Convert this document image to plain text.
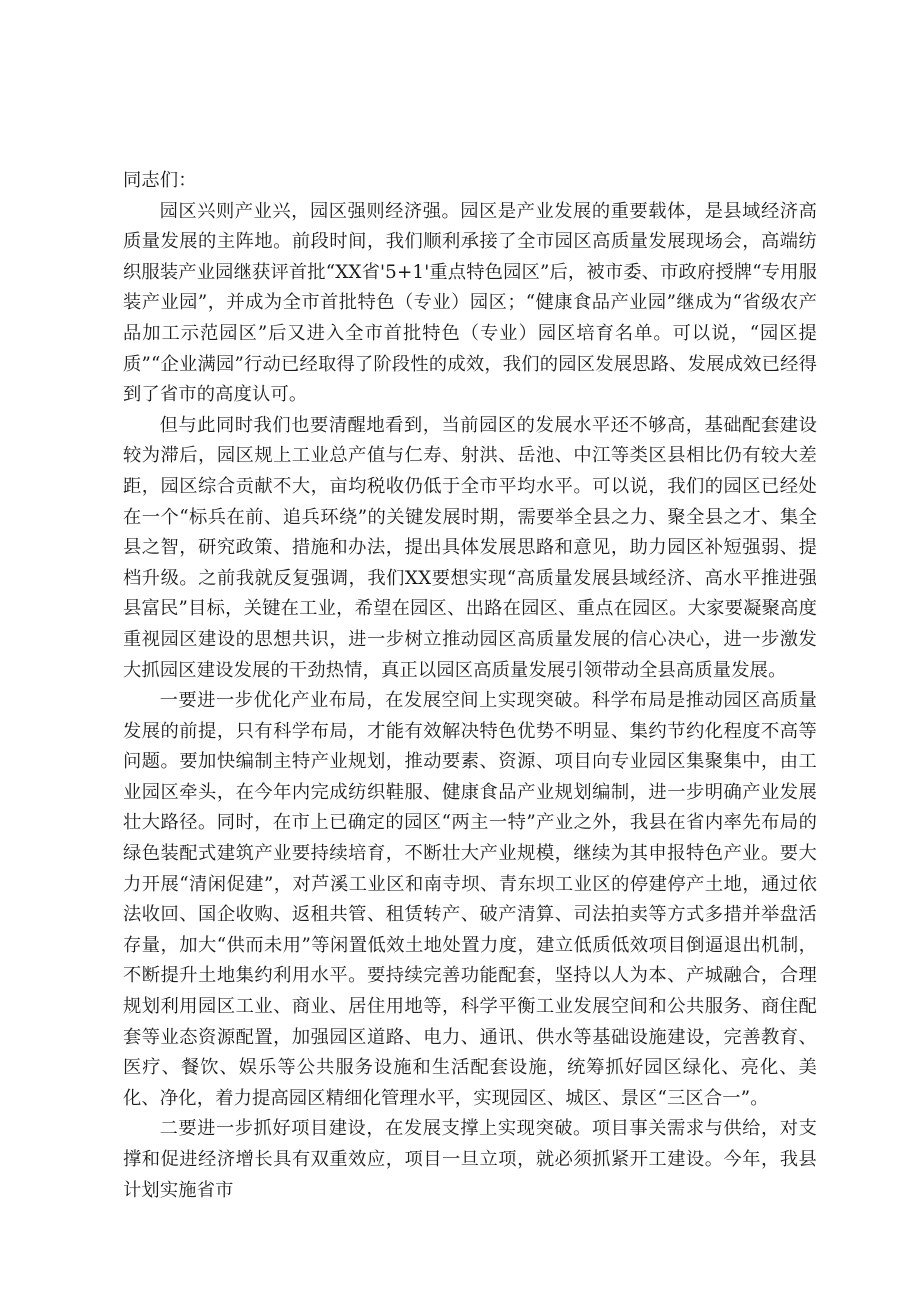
同志们：

园区兴则产业兴，园区强则经济强。园区是产业发展的重要载体，是县域经济高质量发展的主阵地。前段时间，我们顺利承接了全市园区高质量发展现场会，高端纺织服装产业园继获评首批“XX省'5+1'重点特色园区”后，被市委、市政府授牌“专用服装产业园”，并成为全市首批特色（专业）园区；“健康食品产业园”继成为“省级农产品加工示范园区”后又进入全市首批特色（专业）园区培育名单。可以说，“园区提质”“企业满园”行动已经取得了阶段性的成效，我们的园区发展思路、发展成效已经得到了省市的高度认可。

但与此同时我们也要清醒地看到，当前园区的发展水平还不够高，基础配套建设较为滞后，园区规上工业总产值与仁寿、射洪、岳池、中江等类区县相比仍有较大差距，园区综合贡献不大，亩均税收仍低于全市平均水平。可以说，我们的园区已经处在一个“标兵在前、追兵环绕”的关键发展时期，需要举全县之力、聚全县之才、集全县之智，研究政策、措施和办法，提出具体发展思路和意见，助力园区补短强弱、提档升级。之前我就反复强调，我们XX要想实现“高质量发展县域经济、高水平推进强县富民”目标，关键在工业，希望在园区、出路在园区、重点在园区。大家要凝聚高度重视园区建设的思想共识，进一步树立推动园区高质量发展的信心决心，进一步激发大抓园区建设发展的干劲热情，真正以园区高质量发展引领带动全县高质量发展。

一要进一步优化产业布局，在发展空间上实现突破。科学布局是推动园区高质量发展的前提，只有科学布局，才能有效解决特色优势不明显、集约节约化程度不高等问题。要加快编制主特产业规划，推动要素、资源、项目向专业园区集聚集中，由工业园区牵头，在今年内完成纺织鞋服、健康食品产业规划编制，进一步明确产业发展壮大路径。同时，在市上已确定的园区“两主一特”产业之外，我县在省内率先布局的绿色装配式建筑产业要持续培育，不断壮大产业规模，继续为其申报特色产业。要大力开展“清闲促建”，对芦溪工业区和南寺坝、青东坝工业区的停建停产土地，通过依法收回、国企收购、返租共管、租赁转产、破产清算、司法拍卖等方式多措并举盘活存量，加大“供而未用”等闲置低效土地处置力度，建立低质低效项目倒逼退出机制，不断提升土地集约利用水平。要持续完善功能配套，坚持以人为本、产城融合，合理规划利用园区工业、商业、居住用地等，科学平衡工业发展空间和公共服务、商住配套等业态资源配置，加强园区道路、电力、通讯、供水等基础设施建设，完善教育、医疗、餐饮、娱乐等公共服务设施和生活配套设施，统筹抓好园区绿化、亮化、美化、净化，着力提高园区精细化管理水平，实现园区、城区、景区“三区合一”。

二要进一步抓好项目建设，在发展支撑上实现突破。项目事关需求与供给，对支撑和促进经济增长具有双重效应，项目一旦立项，就必须抓紧开工建设。今年，我县计划实施省市
